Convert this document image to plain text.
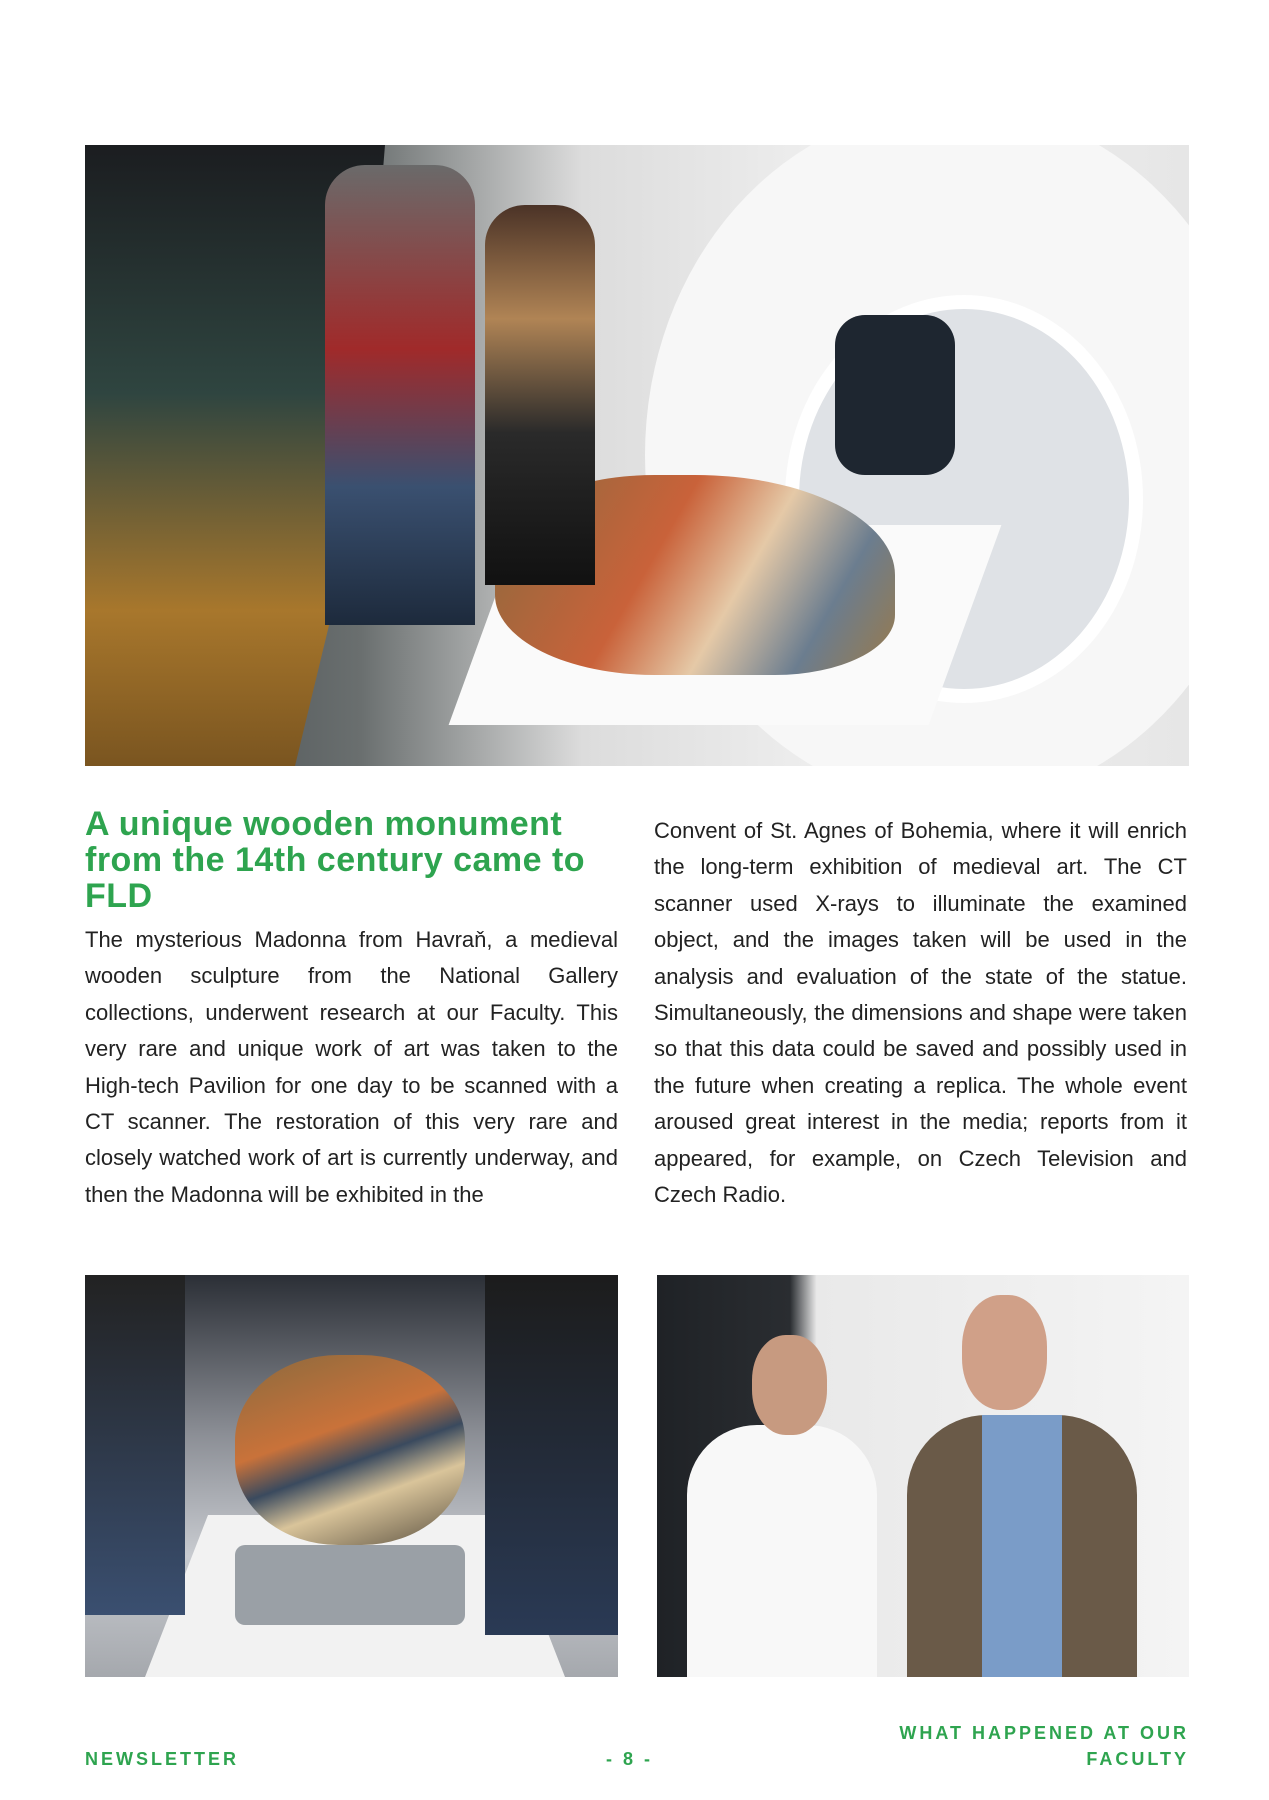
A unique wooden monument from the 14th century came to FLD

The mysterious Madonna from Havraň, a medieval wooden sculpture from the National Gallery collections, underwent research at our Faculty. This very rare and unique work of art was taken to the High-tech Pavilion for one day to be scanned with a CT scanner. The restoration of this very rare and closely watched work of art is currently underway, and then the Madonna will be exhibited in the

Convent of St. Agnes of Bohemia, where it will enrich the long-term exhibition of medieval art. The CT scanner used X-rays to illuminate the examined object, and the images taken will be used in the analysis and evaluation of the state of the statue. Simultaneously, the dimensions and shape were taken so that this data could be saved and possibly used in the future when creating a replica. The whole event aroused great interest in the media; reports from it appeared, for example, on Czech Television and Czech Radio.

NEWSLETTER	- 8 -
WHAT HAPPENED AT OUR
FACULTY
